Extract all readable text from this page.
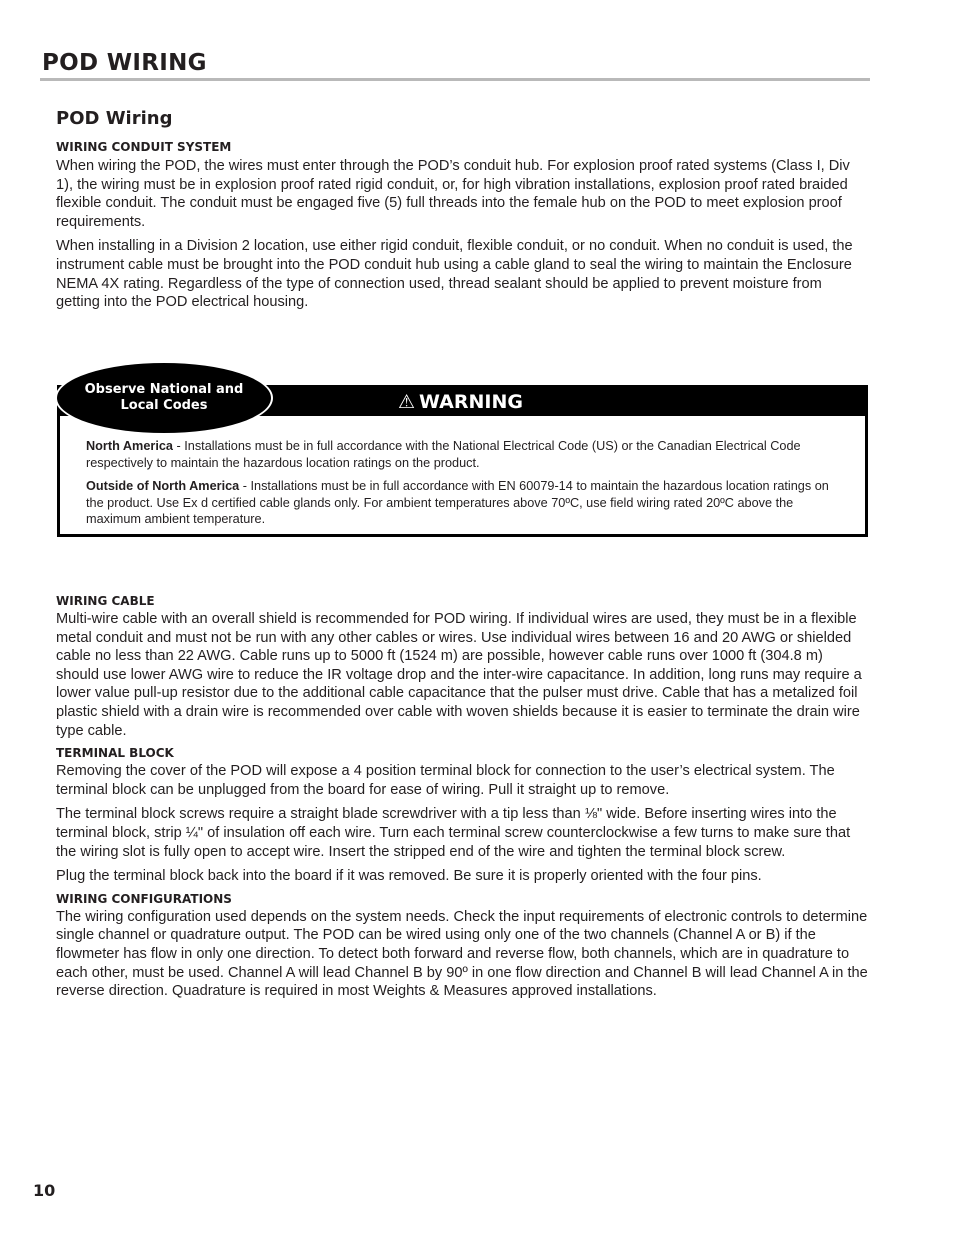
POD WIRING
POD Wiring
WIRING CONDUIT SYSTEM

When wiring the POD, the wires must enter through the POD’s conduit hub. For explosion proof rated systems (Class I, Div 1), the wiring must be in explosion proof rated rigid conduit, or, for high vibration installations, explosion proof rated braided flexible conduit. The conduit must be engaged five (5) full threads into the female hub on the POD to meet explosion proof requirements.

When installing in a Division 2 location, use either rigid conduit, flexible conduit, or no conduit. When no conduit is used, the instrument cable must be brought into the POD conduit hub using a cable gland to seal the wiring to maintain the Enclosure NEMA 4X rating. Regardless of the type of connection used, thread sealant should be applied to prevent moisture from getting into the POD electrical housing.

⚠ WARNING

North America - Installations must be in full accordance with the National Electrical Code (US) or the Canadian Electrical Code respectively to maintain the hazardous location ratings on the product.

Outside of North America - Installations must be in full accordance with EN 60079-14 to maintain the hazardous location ratings on the product. Use Ex d certified cable glands only. For ambient temperatures above 70ºC, use field wiring rated 20ºC above the maximum ambient temperature.

Observe National and Local Codes
WIRING CABLE

Multi-wire cable with an overall shield is recommended for POD wiring. If individual wires are used, they must be in a flexible metal conduit and must not be run with any other cables or wires. Use individual wires between 16 and 20 AWG or shielded cable no less than 22 AWG. Cable runs up to 5000 ft (1524 m) are possible, however cable runs over 1000 ft (304.8 m) should use lower AWG wire to reduce the IR voltage drop and the inter-wire capacitance. In addition, long runs may require a lower value pull-up resistor due to the additional cable capacitance that the pulser must drive. Cable that has a metalized foil plastic shield with a drain wire is recommended over cable with woven shields because it is easier to terminate the drain wire type cable.

TERMINAL BLOCK

Removing the cover of the POD will expose a 4 position terminal block for connection to the user’s electrical system. The terminal block can be unplugged from the board for ease of wiring. Pull it straight up to remove.

The terminal block screws require a straight blade screwdriver with a tip less than ⅛" wide. Before inserting wires into the terminal block, strip ¼" of insulation off each wire. Turn each terminal screw counterclockwise a few turns to make sure that the wiring slot is fully open to accept wire. Insert the stripped end of the wire and tighten the terminal block screw.

Plug the terminal block back into the board if it was removed. Be sure it is properly oriented with the four pins.

WIRING CONFIGURATIONS

The wiring configuration used depends on the system needs. Check the input requirements of electronic controls to determine single channel or quadrature output. The POD can be wired using only one of the two channels (Channel A or B) if the flowmeter has flow in only one direction. To detect both forward and reverse flow, both channels, which are in quadrature to each other, must be used. Channel A will lead Channel B by 90º in one flow direction and Channel B will lead Channel A in the reverse direction. Quadrature is required in most Weights & Measures approved installations.

10
